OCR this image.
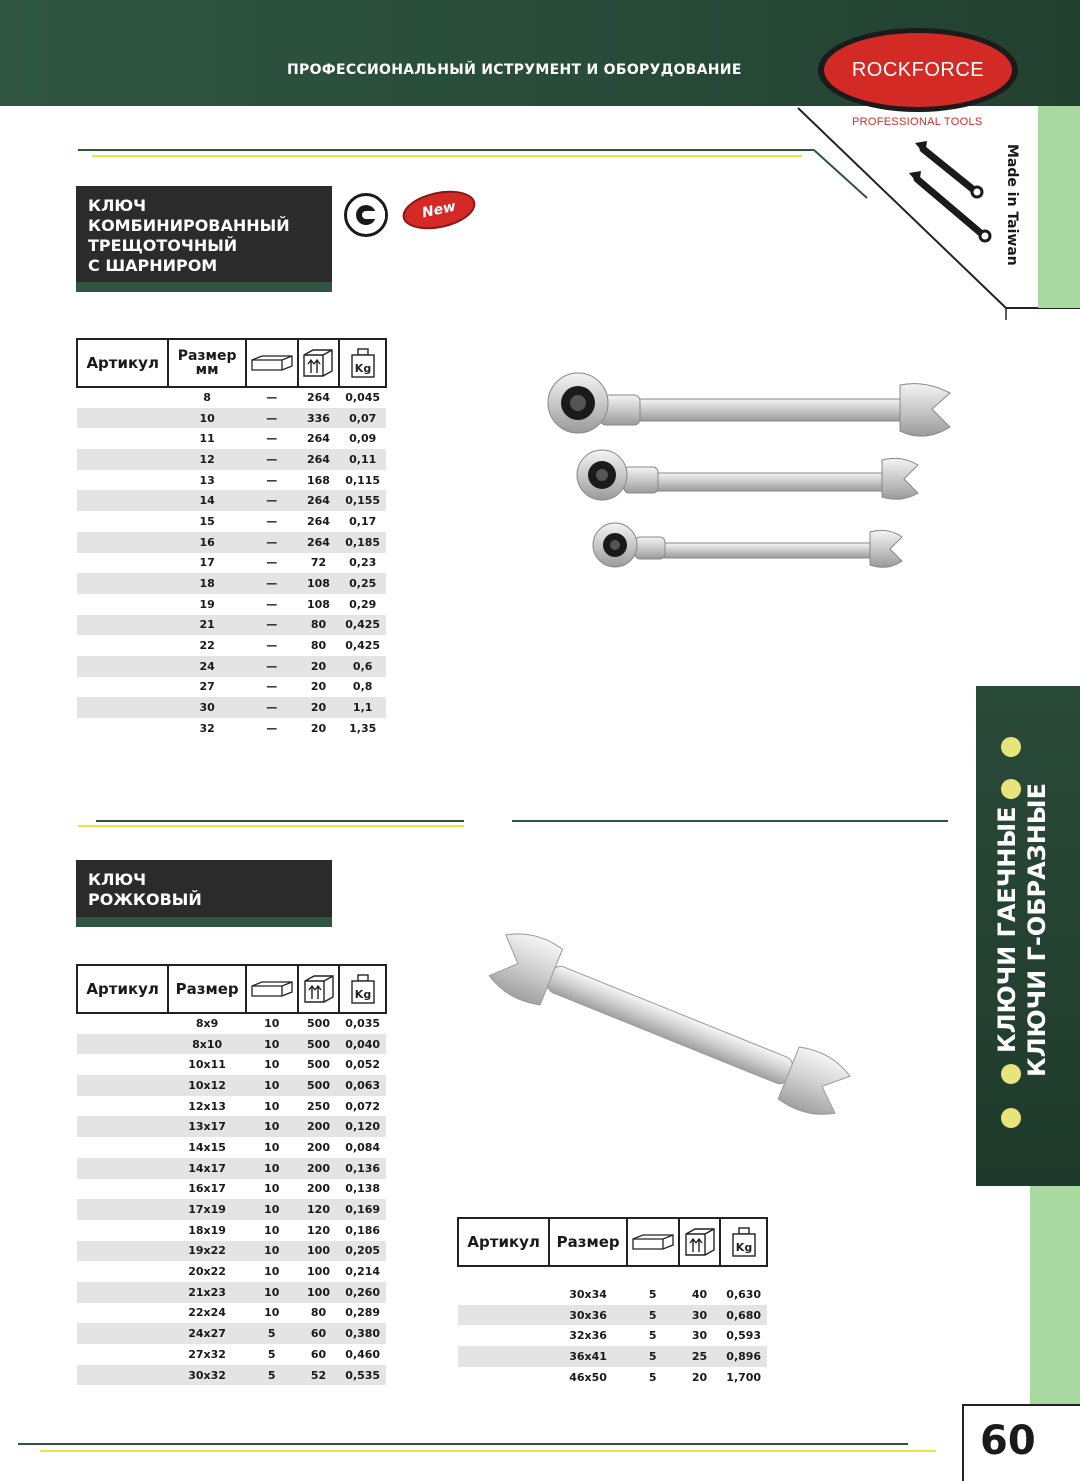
ПРОФЕССИОНАЛЬНЫЙ ИСТРУМЕНТ И ОБОРУДОВАНИЕ	ROCKFORCE
PROFESSIONAL TOOLS
Made in Taiwan
КЛЮЧ
КОМБИНИРОВАННЫЙ
ТРЕЩОТОЧНЫЙ
С ШАРНИРОМ
New
Артикул	Размер
мм			Kg

	8	—	264	0,045
	10	—	336	0,07
	11	—	264	0,09
	12	—	264	0,11
	13	—	168	0,115
	14	—	264	0,155
	15	—	264	0,17
	16	—	264	0,185
	17	—	72	0,23
	18	—	108	0,25
	19	—	108	0,29
	21	—	80	0,425
	22	—	80	0,425
	24	—	20	0,6
	27	—	20	0,8
	30	—	20	1,1
	32	—	20	1,35
КЛЮЧ
РОЖКОВЫЙ
Артикул	Размер			Kg

	8x9	10	500	0,035
	8x10	10	500	0,040
	10x11	10	500	0,052
	10x12	10	500	0,063
	12x13	10	250	0,072
	13x17	10	200	0,120
	14x15	10	200	0,084
	14x17	10	200	0,136
	16x17	10	200	0,138
	17x19	10	120	0,169
	18x19	10	120	0,186
	19x22	10	100	0,205
	20x22	10	100	0,214
	21x23	10	100	0,260
	22x24	10	80	0,289
	24x27	5	60	0,380
	27x32	5	60	0,460
	30x32	5	52	0,535
Артикул	Размер			Kg

	30x34	5	40	0,630
	30x36	5	30	0,680
	32x36	5	30	0,593
	36x41	5	25	0,896
	46x50	5	20	1,700
КЛЮЧИ ГАЕЧНЫЕ КЛЮЧИ Г-ОБРАЗНЫЕ
60
